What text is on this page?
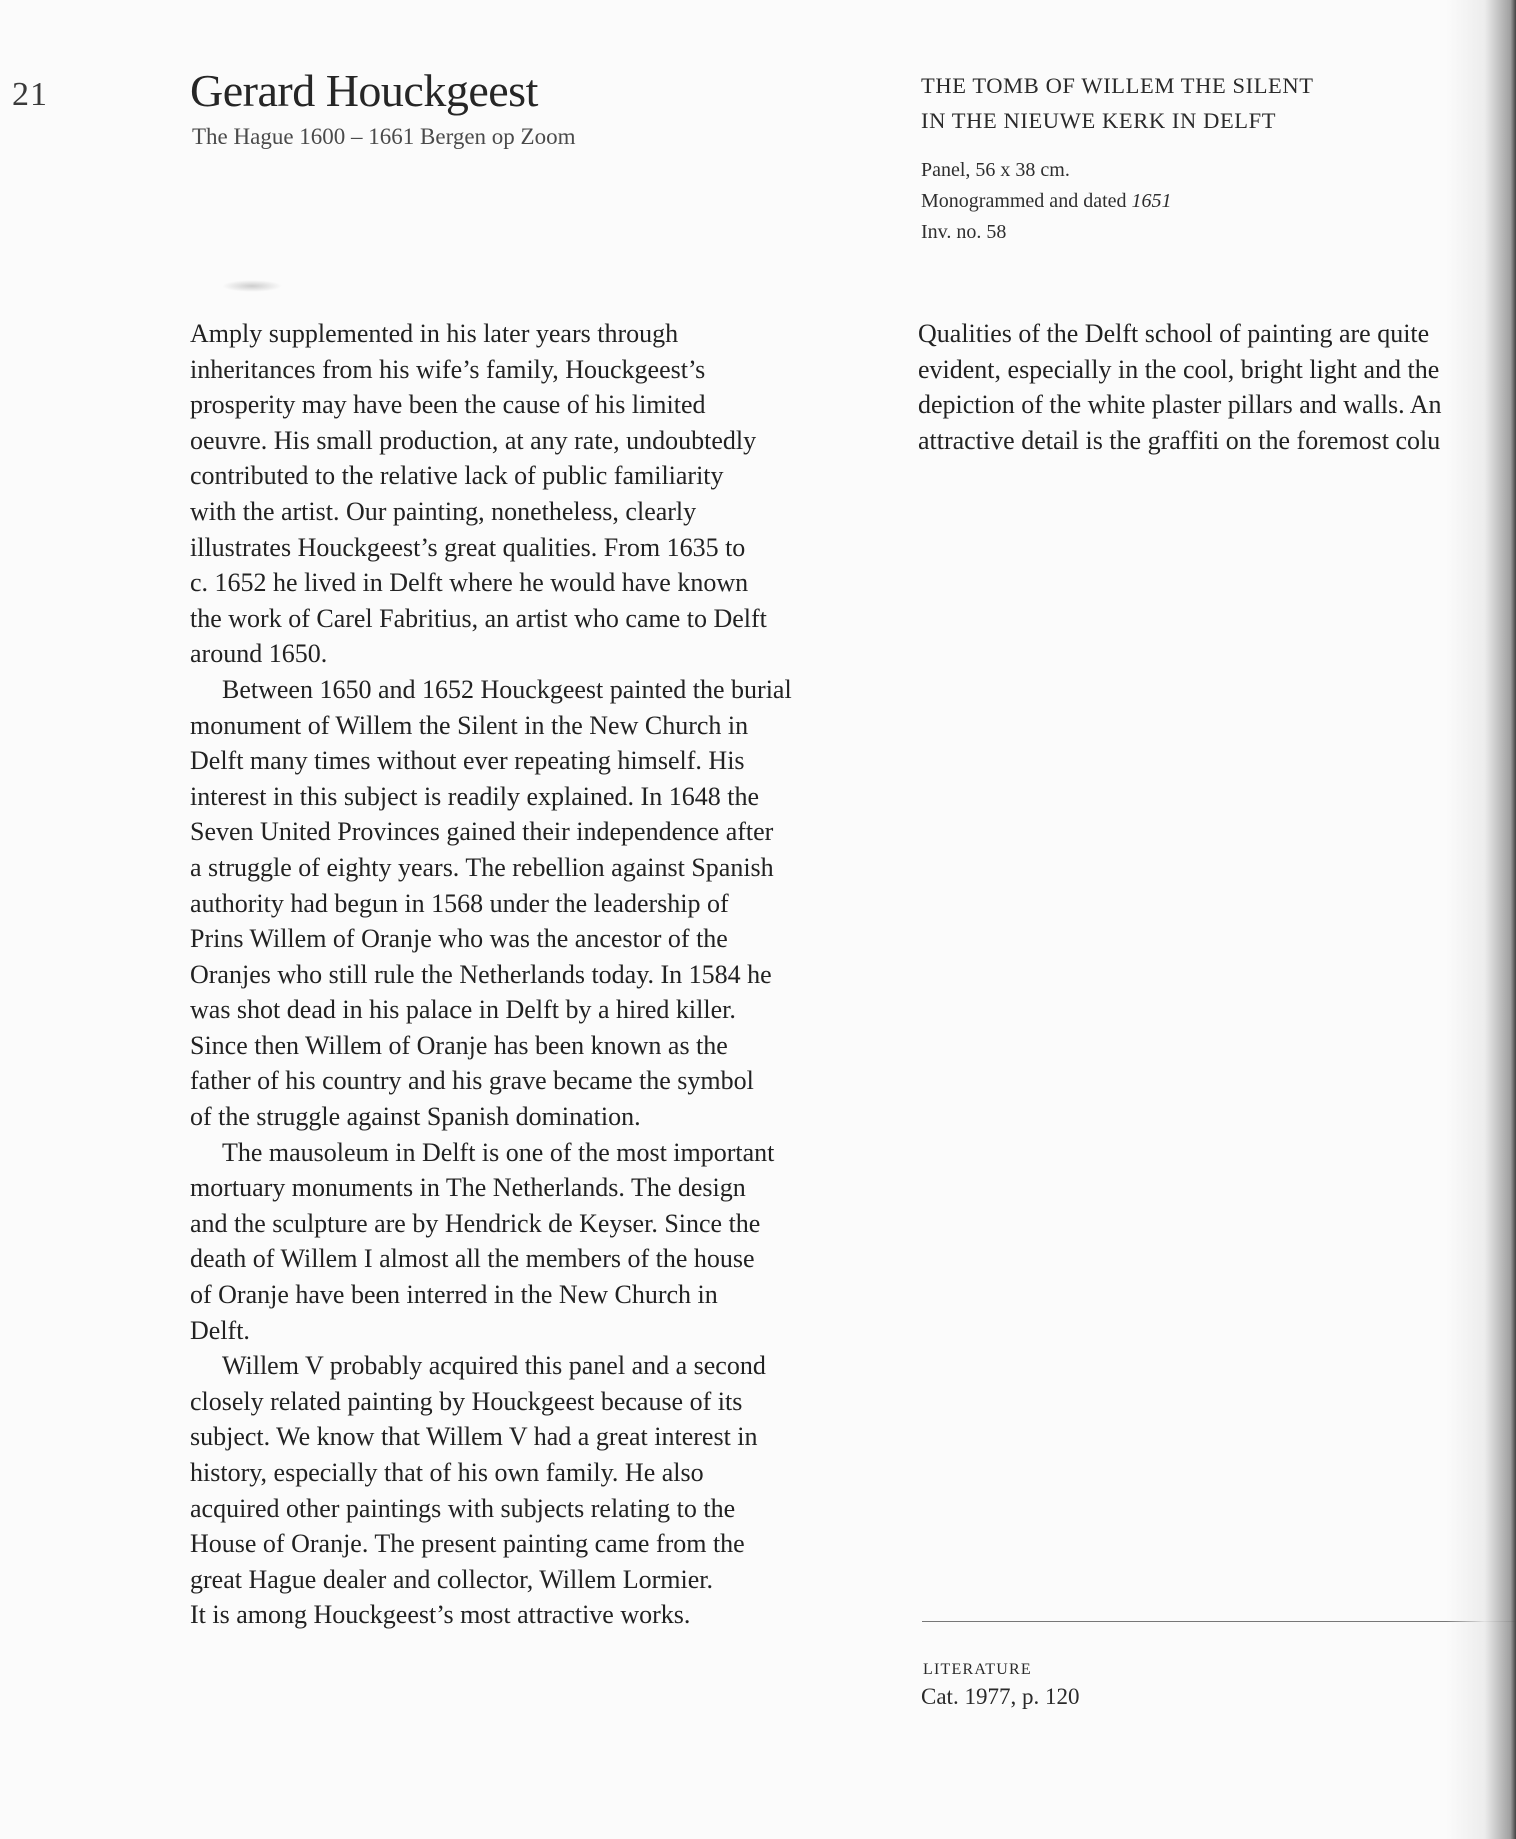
21	Gerard Houckgeest
The Hague 1600 – 1661 Bergen op Zoom
THE TOMB OF WILLEM THE SILENT
IN THE NIEUWE KERK IN DELFT
Panel, 56 x 38 cm.
Monogrammed and dated 1651
Inv. no. 58
Amply supplemented in his later years through
inheritances from his wife’s family, Houckgeest’s
prosperity may have been the cause of his limited
oeuvre. His small production, at any rate, undoubtedly
contributed to the relative lack of public familiarity
with the artist. Our painting, nonetheless, clearly
illustrates Houckgeest’s great qualities. From 1635 to
c. 1652 he lived in Delft where he would have known
the work of Carel Fabritius, an artist who came to Delft
around 1650.
Between 1650 and 1652 Houckgeest painted the burial
monument of Willem the Silent in the New Church in
Delft many times without ever repeating himself. His
interest in this subject is readily explained. In 1648 the
Seven United Provinces gained their independence after
a struggle of eighty years. The rebellion against Spanish
authority had begun in 1568 under the leadership of
Prins Willem of Oranje who was the ancestor of the
Oranjes who still rule the Netherlands today. In 1584 he
was shot dead in his palace in Delft by a hired killer.
Since then Willem of Oranje has been known as the
father of his country and his grave became the symbol
of the struggle against Spanish domination.
The mausoleum in Delft is one of the most important
mortuary monuments in The Netherlands. The design
and the sculpture are by Hendrick de Keyser. Since the
death of Willem I almost all the members of the house
of Oranje have been interred in the New Church in
Delft.
Willem V probably acquired this panel and a second
closely related painting by Houckgeest because of its
subject. We know that Willem V had a great interest in
history, especially that of his own family. He also
acquired other paintings with subjects relating to the
House of Oranje. The present painting came from the
great Hague dealer and collector, Willem Lormier.
It is among Houckgeest’s most attractive works.
Qualities of the Delft school of painting are quite
evident, especially in the cool, bright light and the
depiction of the white plaster pillars and walls. An
attractive detail is the graffiti on the foremost colu
LITERATURE
Cat. 1977, p. 120
